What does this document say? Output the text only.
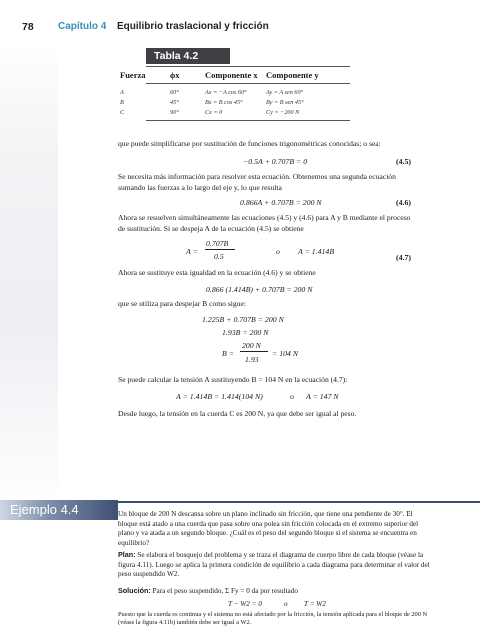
78 Capítulo 4 Equilibrio traslacional y fricción
Tabla 4.2
Fuerza	ϕx	Componente x Componente y
A	60°	Ax = −A cos 60°	Ay = A sen 60°
B	45°	Bx = B cos 45°	By = B sen 45°
C	90°	Cx = 0	Cy = −200 N
que puede simplificarse por sustitución de funciones trigonométricas conocidas; o sea:
−0.5A + 0.707B = 0	(4.5)
Se necesita más información para resolver esta ecuación. Obtenemos una segunda ecuación sumando las fuerzas a lo largo del eje y, lo que resulta
0.866A + 0.707B = 200 N	(4.6)
Ahora se resuelven simultáneamente las ecuaciones (4.5) y (4.6) para A y B mediante el proceso de sustitución. Si se despeja A de la ecuación (4.5) se obtiene
A =
0.707B
0.5
o A = 1.414B
(4.7)
Ahora se sustituye esta igualdad en la ecuación (4.6) y se obtiene
0.866 (1.414B) + 0.707B = 200 N
que se utiliza para despejar B como sigue:
1.225B + 0.707B = 200 N
1.93B = 200 N
B =
200 N
1.93
= 104 N
Se puede calcular la tensión A sustituyendo B = 104 N en la ecuación (4.7):
A = 1.414B = 1.414(104 N)	o A = 147 N
Desde luego, la tensión en la cuerda C es 200 N, ya que debe ser igual al peso.
Ejemplo 4.4	Un bloque de 200 N descansa sobre un plano inclinado sin fricción, que tiene una pendiente de 30°. El bloque está atado a una cuerda que pasa sobre una polea sin fricción colocada en el extremo superior del plano y va atada a un segundo bloque. ¿Cuál es el peso del segundo bloque si el sistema se encuentra en equilibrio?
Plan: Se elabora el bosquejo del problema y se traza el diagrama de cuerpo libre de cada bloque (véase la figura 4.11). Luego se aplica la primera condición de equilibrio a cada diagrama para determinar el valor del peso suspendido W2.
Solución: Para el peso suspendido, Σ Fy = 0 da por resultado
T − W2 = 0	o T = W2
Puesto que la cuerda es continua y el sistema no está afectado por la fricción, la tensión aplicada para el bloque de 200 N (véase la figura 4.11b) también debe ser igual a W2.
